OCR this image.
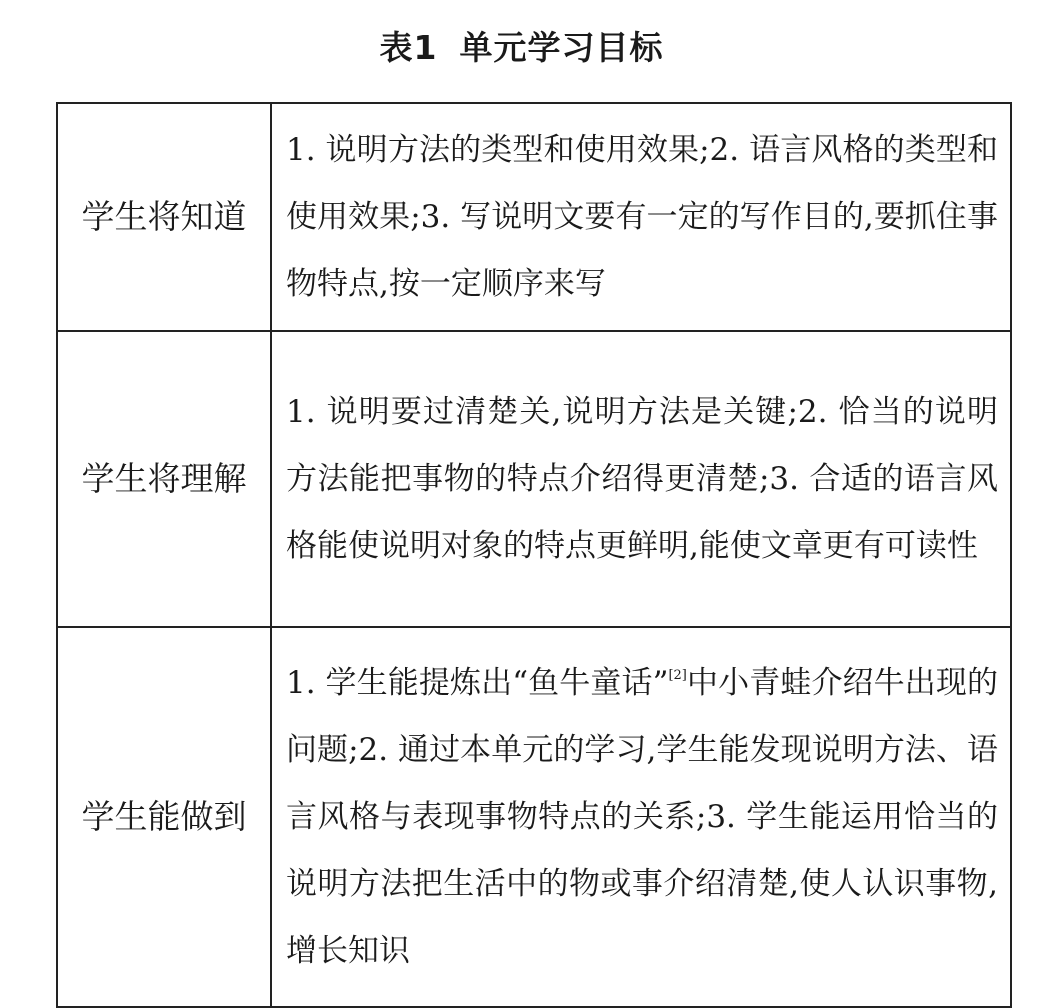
表1 单元学习目标
学生将知道	1. 说明方法的类型和使用效果;2. 语言风格的类型和使用效果;3. 写说明文要有一定的写作目的,要抓住事物特点,按一定顺序来写
学生将理解	1. 说明要过清楚关,说明方法是关键;2. 恰当的说明方法能把事物的特点介绍得更清楚;3. 合适的语言风格能使说明对象的特点更鲜明,能使文章更有可读性
学生能做到	1. 学生能提炼出“鱼牛童话”[2]中小青蛙介绍牛出现的问题;2. 通过本单元的学习,学生能发现说明方法、语言风格与表现事物特点的关系;3. 学生能运用恰当的说明方法把生活中的物或事介绍清楚,使人认识事物,增长知识
